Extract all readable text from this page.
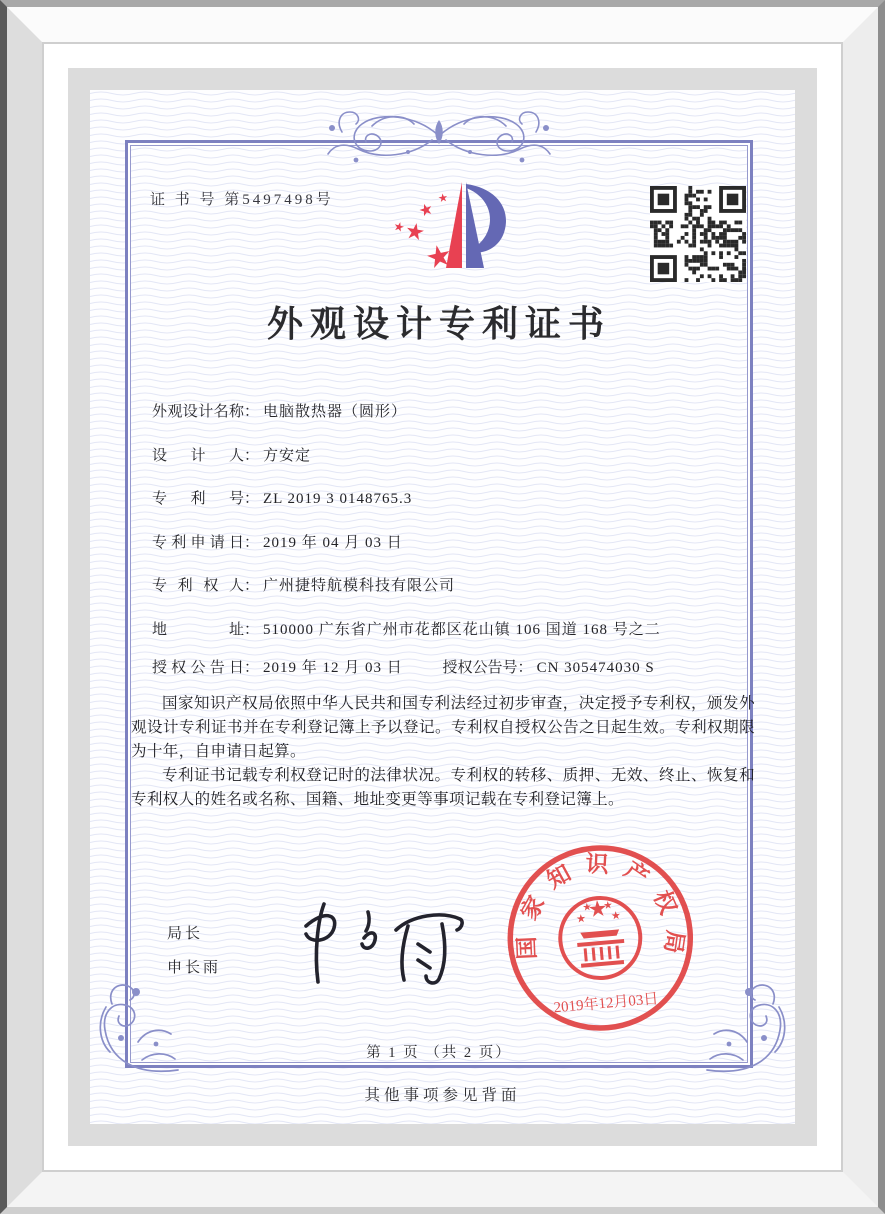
证 书 号 第5497498号
外观设计专利证书
外观设计名称： 电脑散热器（圆形）
设计人： 方安定
专利号： ZL 2019 3 0148765.3
专利申请日： 2019 年 04 月 03 日
专利权人： 广州捷特航模科技有限公司
地址： 510000 广东省广州市花都区花山镇 106 国道 168 号之二
授权公告日： 2019 年 12 月 03 日	授权公告号： CN 305474030 S

国家知识产权局依照中华人民共和国专利法经过初步审查，决定授予专利权，颁发外观设计专利证书并在专利登记簿上予以登记。专利权自授权公告之日起生效。专利权期限为十年，自申请日起算。

专利证书记载专利权登记时的法律状况。专利权的转移、质押、无效、终止、恢复和专利权人的姓名或名称、国籍、地址变更等事项记载在专利登记簿上。

局长
申长雨
国家知识产权局
2019年12月03日
第 1 页 （共 2 页）
其他事项参见背面
